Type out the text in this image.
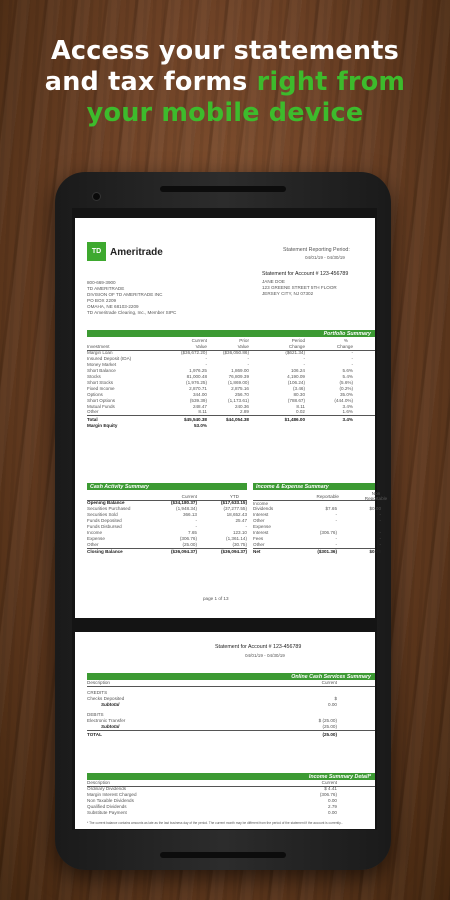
Access your statements
and tax forms right from
your mobile device
TD Ameritrade	Statement Reporting Period:
04/01/19 - 04/30/19
Statement for Account # 123-456789
JANE DOE
123 GREENE STREET 5TH FLOOR
JERSEY CITY, NJ 07302
800-669-3900
TD AMERITRADE
DIVISION OF TD AMERITRADE INC
PO BOX 2209
OMAHA, NE 68103-2209
TD Ameritrade Clearing, Inc., Member SIPC
Portfolio Summary
Current	Prior	Period	%
Investment	Value	Value	Change	Change
Margin Loan	($36,672.20)	($36,050.86)	($621.34)	-
Insured Deposit (IDA)	-	-	-	-
Money Market	-	-	-	-
Short Balance	1,976.25	1,869.00	106.24	5.6%
Stocks	81,000.48	76,809.39	4,190.09	5.4%
Short Stocks	(1,976.25)	(1,869.00)	(106.24)	(5.6%)
Fixed Income	2,870.71	2,875.16	(3.46)	(0.2%)
Options	344.00	256.70	80.30	35.0%
Short Options	(539.39)	(1,173.61)	(788.67)	(444.0%)
Mutual Funds	248.47	240.36	8.11	3.4%
Other	8.11	2.89	0.02	1.6%
Total	$45,540.38	$44,054.38	$1,486.00	3.4%
Margin Equity	53.0%
Cash Activity Summary
Current	YTD
Opening Balance	($34,180.37)	($17,633.15)
Securities Purchased	(1,948.34)	(37,277.55)
Securities Sold	366.13	18,652.43
Funds Deposited	-	25.47
Funds Disbursed	-	-
Income	7.65	123.10
Expense	(306.76)	(1,361.14)
Other	(25.00)	(30.75)
Closing Balance	($36,094.37)	($36,094.37)
Income & Expense Summary
Reportable
Non Reportable
Income
Dividends	$7.65	$0.00
Interest	-	-
Other	-	-
Expense
Interest	(306.76)	-
Fees	-	-
Other	-	-
Net	($301.36)	$0.00
page 1 of 13
Statement for Account # 123-456789
04/01/19 - 04/30/19
Online Cash Services Summary
Description	Current
CREDITS
Checks Deposited	$
Subtotal	0.00
DEBITS
Electronic Transfer	$ (25.00)
Subtotal	(25.00)
TOTAL	(25.00)
Income Summary Detail*
Description	Current
Ordinary Dividends	$ 4.41
Margin Interest Charged	(306.76)
Non Taxable Dividends	0.00
Qualified Dividends	2.79
Substitute Payment	0.00
* The current balance contains amounts as late as the last business day of the period. The current month may be different from the period of the statement if the account is currently...
